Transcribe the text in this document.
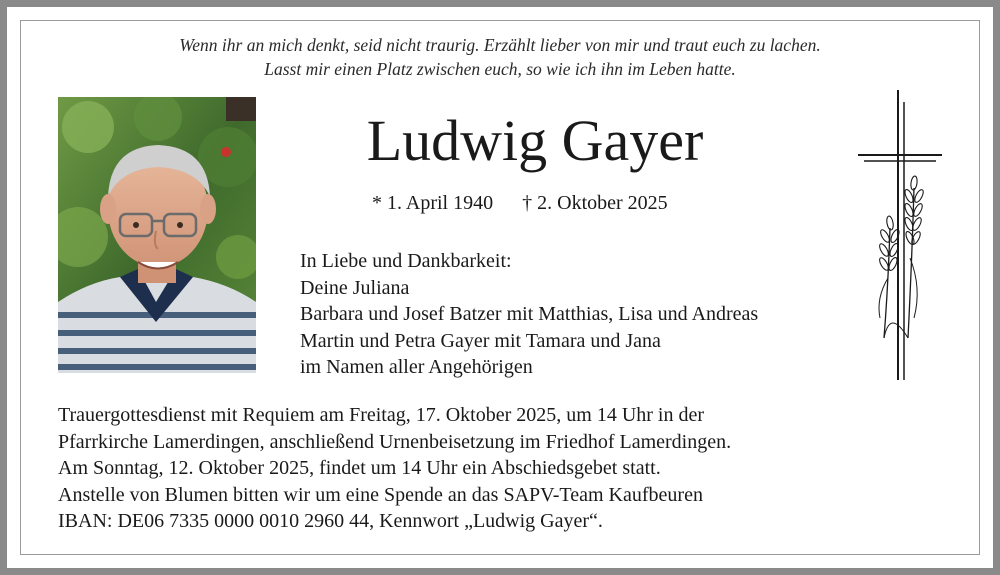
Wenn ihr an mich denkt, seid nicht traurig. Erzählt lieber von mir und traut euch zu lachen.
Lasst mir einen Platz zwischen euch, so wie ich ihn im Leben hatte.
Ludwig Gayer
* 1. April 1940 † 2. Oktober 2025
In Liebe und Dankbarkeit:
Deine Juliana
Barbara und Josef Batzer mit Matthias, Lisa und Andreas
Martin und Petra Gayer mit Tamara und Jana
im Namen aller Angehörigen
Trauergottesdienst mit Requiem am Freitag, 17. Oktober 2025, um 14 Uhr in der
Pfarrkirche Lamerdingen, anschließend Urnenbeisetzung im Friedhof Lamerdingen.
Am Sonntag, 12. Oktober 2025, findet um 14 Uhr ein Abschiedsgebet statt.
Anstelle von Blumen bitten wir um eine Spende an das SAPV-Team Kaufbeuren
IBAN: DE06 7335 0000 0010 2960 44, Kennwort „Ludwig Gayer“.
